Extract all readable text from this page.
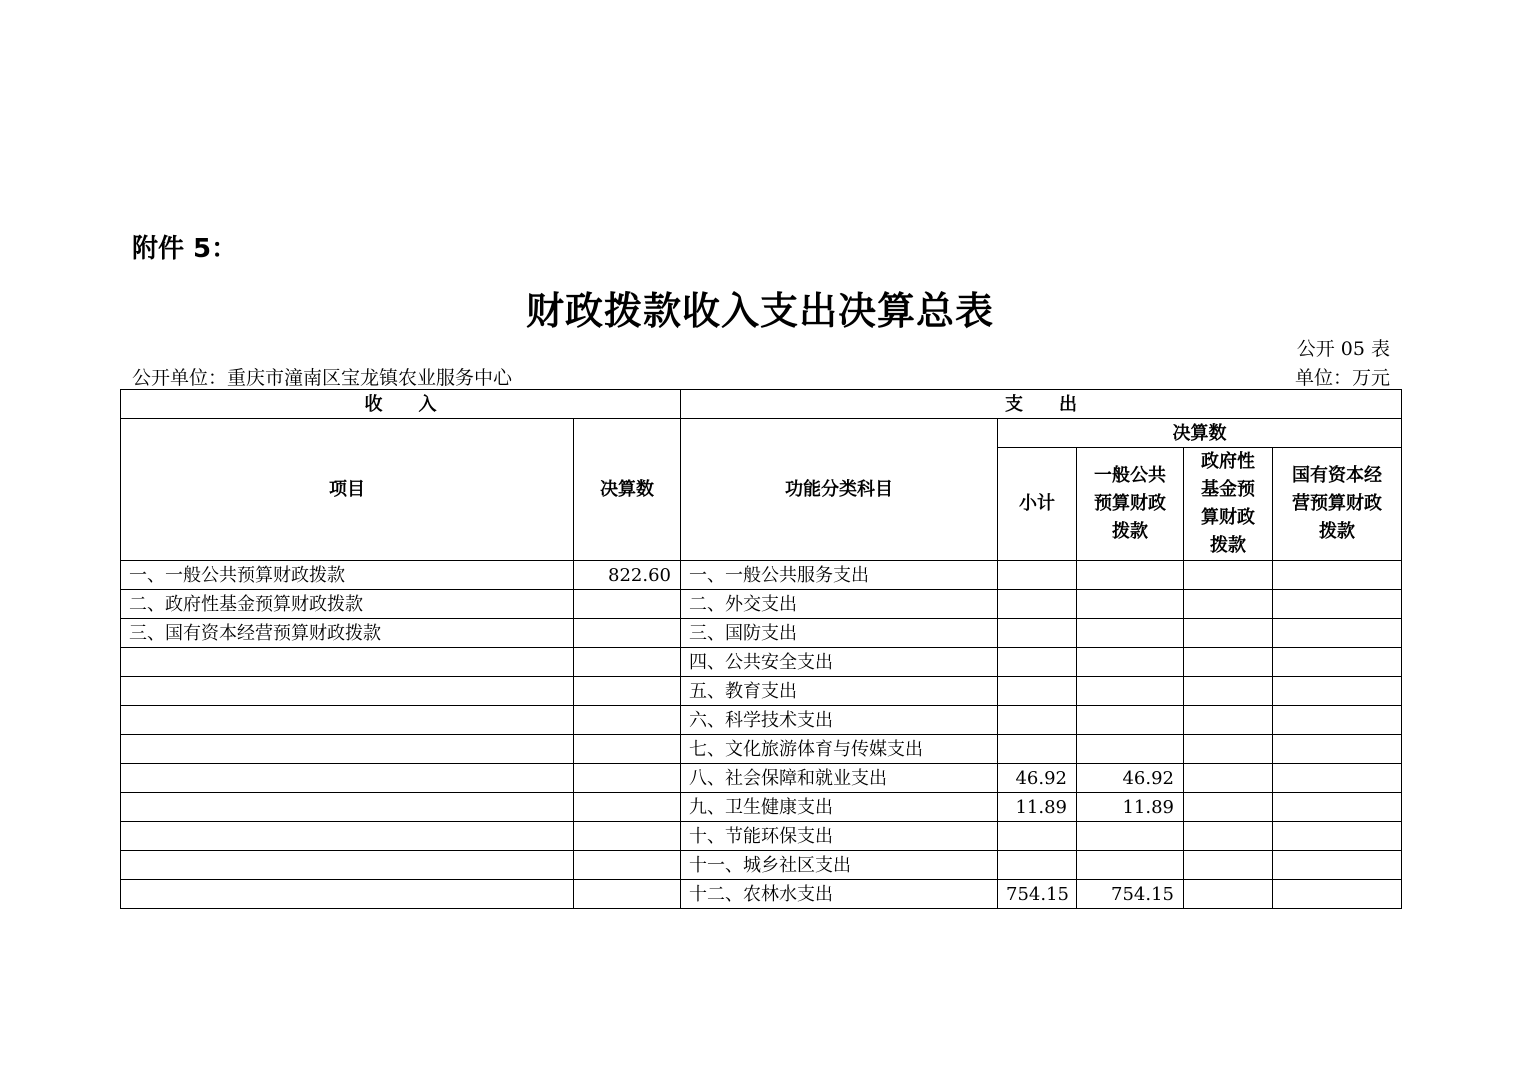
附件 5：
财政拨款收入支出决算总表
公开 05 表
公开单位：重庆市潼南区宝龙镇农业服务中心	单位：万元
收　　入		支　　出				
项目	决算数	功能分类科目	决算数			
			小计	一般公共预算财政拨款	政府性基金预算财政拨款	国有资本经营预算财政拨款
一、一般公共预算财政拨款	822.60	一、一般公共服务支出				
二、政府性基金预算财政拨款		二、外交支出				
三、国有资本经营预算财政拨款		三、国防支出				
		四、公共安全支出				
		五、教育支出				
		六、科学技术支出				
		七、文化旅游体育与传媒支出				
		八、社会保障和就业支出	46.92	46.92		
		九、卫生健康支出	11.89	11.89		
		十、节能环保支出				
		十一、城乡社区支出				
		十二、农林水支出	754.15	754.15		
